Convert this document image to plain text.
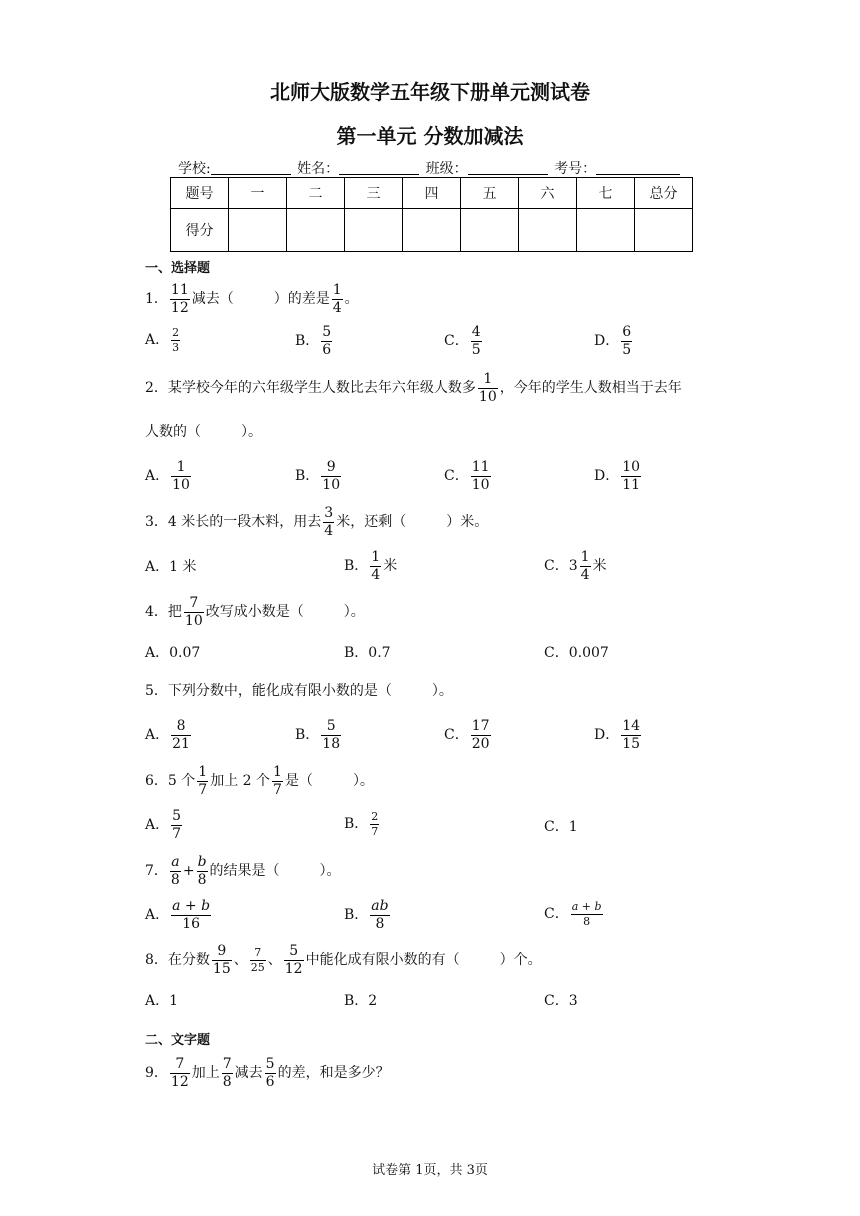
北师大版数学五年级下册单元测试卷
第一单元 分数加减法
学校:	姓名：	班级：	考号：
题号	一	二	三	四	五	六	七	总分
得分								
一、选择题
1． $\frac{11}{12}$ 减去（	）的差是 $\frac{1}{4}$ 。
A． $\frac{2}{3}$	B． $\frac{5}{6}$	C． $\frac{4}{5}$	D． $\frac{6}{5}$
2．某学校今年的六年级学生人数比去年六年级人数多 $\frac{1}{10}$ ，今年的学生人数相当于去年
人数的（	）。
A． $\frac{1}{10}$	B． $\frac{9}{10}$	C． $\frac{11}{10}$	D． $\frac{10}{11}$
3．4 米长的一段木料，用去 $\frac{3}{4}$ 米，还剩（	）米。
A．1 米	B． $\frac{1}{4}$ 米	C．$3 \frac{1}{4}$ 米
4．把 $\frac{7}{10}$ 改写成小数是（	）。
A．0.07	B．0.7	C．0.007
5．下列分数中，能化成有限小数的是（	）。
A． $\frac{8}{21}$	B． $\frac{5}{18}$	C． $\frac{17}{20}$	D． $\frac{14}{15}$
6．5 个 $\frac{1}{7}$ 加上 2 个 $\frac{1}{7}$ 是（	）。
A． $\frac{5}{7}$	B． $\frac{2}{7}$	C．1
7． $\frac{a}{8} + \frac{b}{8}$ 的结果是（	）。
A． $\frac{a + b}{16}$	B． $\frac{ab}{8}$	C． $\frac{a + b}{8}$
8．在分数 $\frac{9}{15}$ 、 $\frac{7}{25}$ 、 $\frac{5}{12}$ 中能化成有限小数的有（	）个。
A．1	B．2	C．3
二、文字题
9． $\frac{7}{12}$ 加上 $\frac{7}{8}$ 减去 $\frac{5}{6}$ 的差，和是多少？
试卷第 1页，共 3页
